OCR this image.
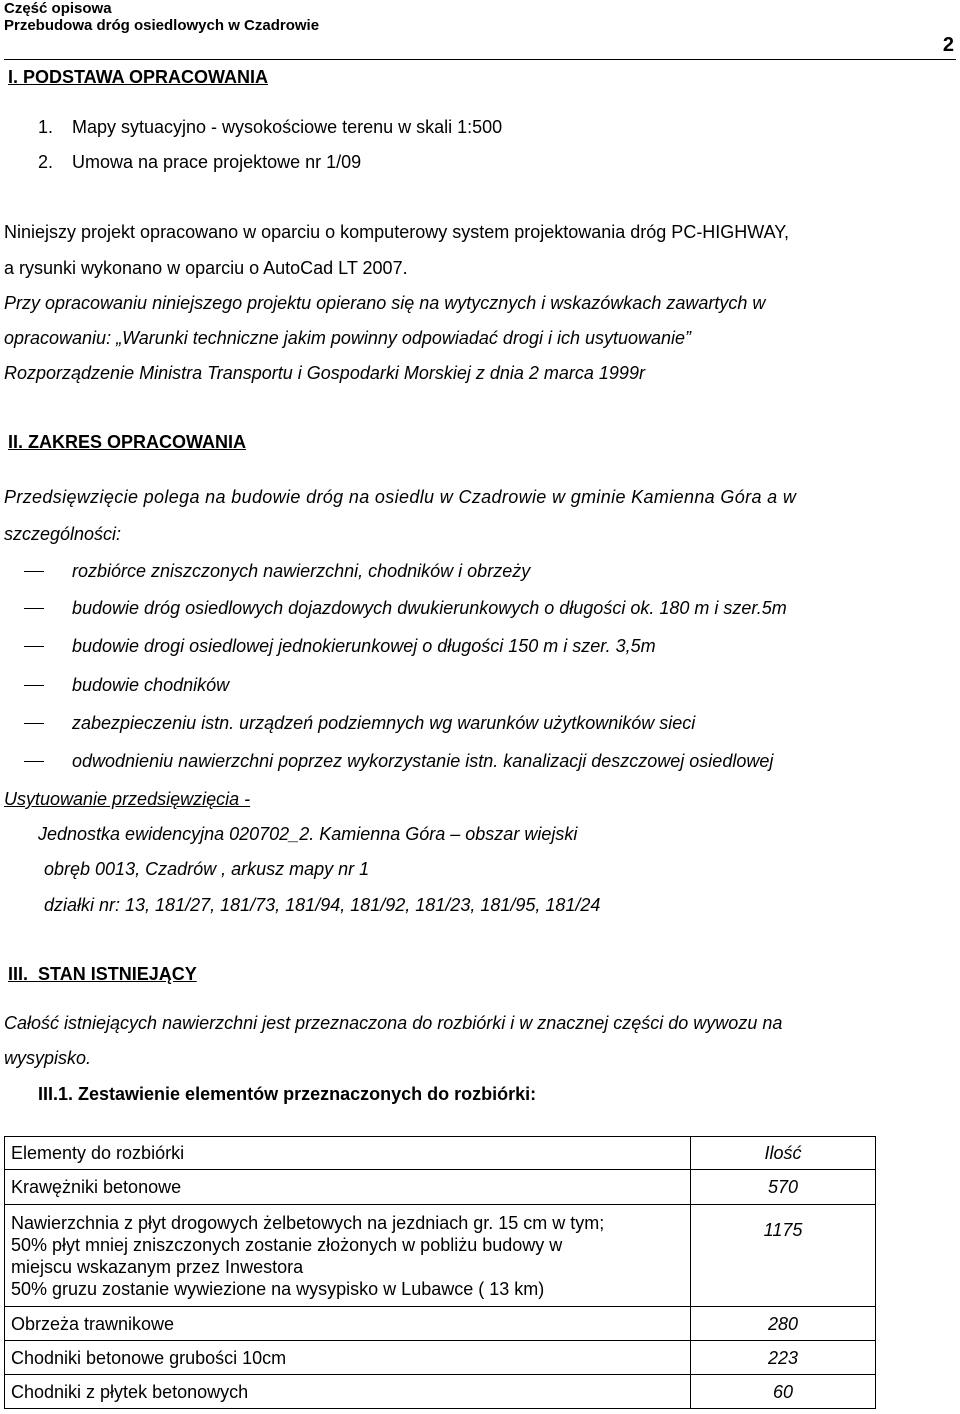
Część opisowa
Przebudowa dróg osiedlowych w Czadrowie
2
I. PODSTAWA OPRACOWANIA
1. Mapy sytuacyjno - wysokościowe terenu w skali 1:500
2. Umowa na prace projektowe nr 1/09
Niniejszy projekt opracowano w oparciu o komputerowy system projektowania dróg PC-HIGHWAY,
a rysunki wykonano w oparciu o AutoCad LT 2007.
Przy opracowaniu niniejszego projektu opierano się na wytycznych i wskazówkach zawartych w
opracowaniu: „Warunki techniczne jakim powinny odpowiadać drogi i ich usytuowanie”
Rozporządzenie Ministra Transportu i Gospodarki Morskiej z dnia 2 marca 1999r
II. ZAKRES OPRACOWANIA
Przedsięwzięcie polega na budowie dróg na osiedlu w Czadrowie w gminie Kamienna Góra a w
szczególności:
rozbiórce zniszczonych nawierzchni, chodników i obrzeży
budowie dróg osiedlowych dojazdowych dwukierunkowych o długości ok. 180 m i szer.5m
budowie drogi osiedlowej jednokierunkowej o długości 150 m i szer. 3,5m
budowie chodników
zabezpieczeniu istn. urządzeń podziemnych wg warunków użytkowników sieci
odwodnieniu nawierzchni poprzez wykorzystanie istn. kanalizacji deszczowej osiedlowej
Usytuowanie przedsięwzięcia -
Jednostka ewidencyjna 020702_2. Kamienna Góra – obszar wiejski
obręb 0013, Czadrów , arkusz mapy nr 1
działki nr: 13, 181/27, 181/73, 181/94, 181/92, 181/23, 181/95, 181/24
III. STAN ISTNIEJĄCY
Całość istniejących nawierzchni jest przeznaczona do rozbiórki i w znacznej części do wywozu na
wysypisko.
III.1. Zestawienie elementów przeznaczonych do rozbiórki:
Elementy do rozbiórki	Ilość
Krawężniki betonowe	570

Nawierzchnia z płyt drogowych żelbetowych na jezdniach gr. 15 cm w tym;
50% płyt mniej zniszczonych zostanie złożonych w pobliżu budowy w
miejscu wskazanym przez Inwestora
50% gruzu zostanie wywiezione na wysypisko w Lubawce ( 13 km)	1175
Obrzeża trawnikowe	280
Chodniki betonowe grubości 10cm	223
Chodniki z płytek betonowych	60
